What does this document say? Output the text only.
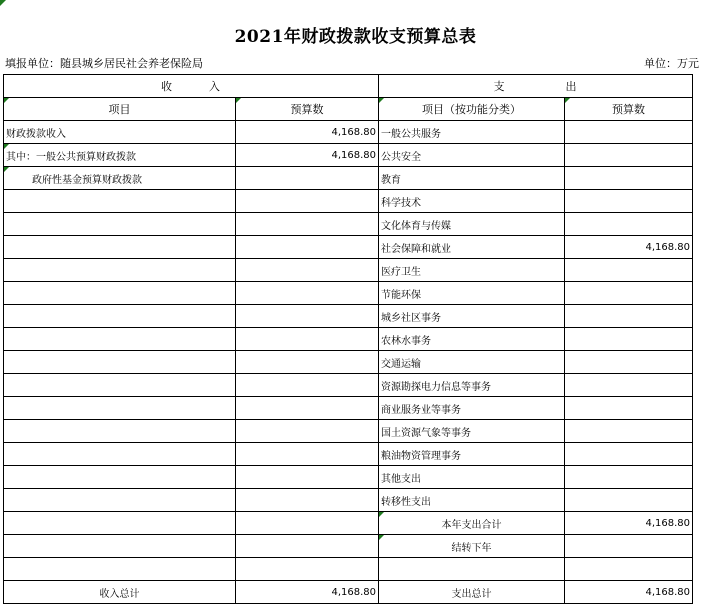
2021年财政拨款收支预算总表
填报单位：随县城乡居民社会养老保险局	单位：万元
收　　　入		支　　　　　出	
项目	预算数	项目（按功能分类）	预算数
财政拨款收入	4,168.80	一般公共服务	
其中：一般公共预算财政拨款	4,168.80	公共安全	
政府性基金预算财政拨款		教育	
		科学技术	
		文化体育与传媒	
		社会保障和就业	4,168.80
		医疗卫生	
		节能环保	
		城乡社区事务	
		农林水事务	
		交通运输	
		资源勘探电力信息等事务	
		商业服务业等事务	
		国土资源气象等事务	
		粮油物资管理事务	
		其他支出	
		转移性支出	
		本年支出合计	4,168.80
		结转下年	

收入总计	4,168.80	支出总计	4,168.80
